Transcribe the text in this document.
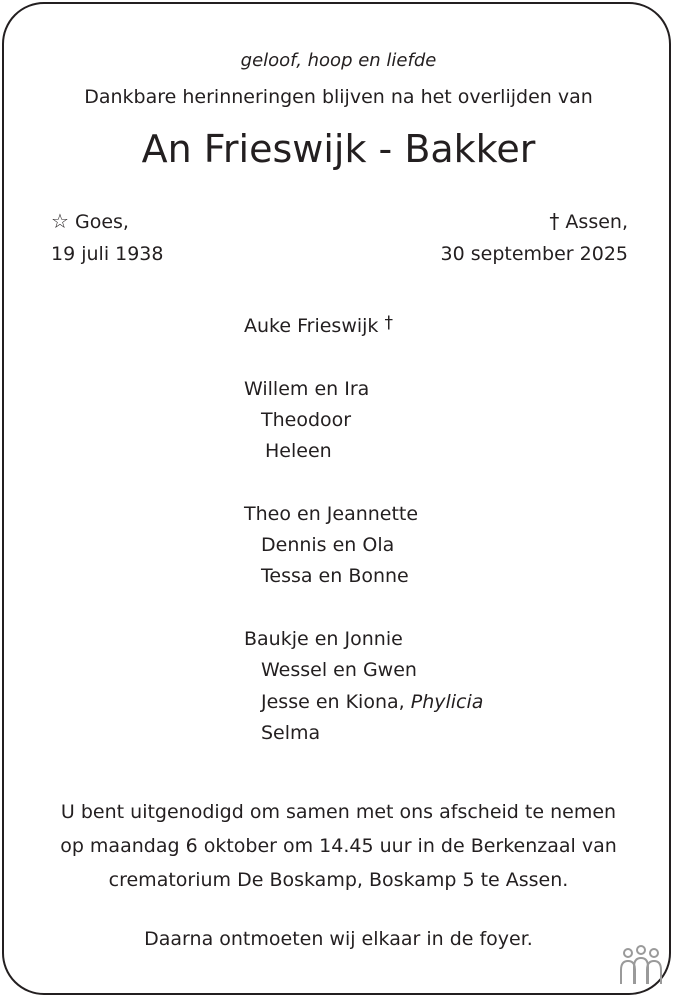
geloof, hoop en liefde
Dankbare herinneringen blijven na het overlijden van
An Frieswijk - Bakker
☆ Goes,
19 juli 1938
† Assen,
30 september 2025
Auke Frieswijk †
Willem en Ira
Theodoor
Heleen
Theo en Jeannette
Dennis en Ola
Tessa en Bonne
Baukje en Jonnie
Wessel en Gwen
Jesse en Kiona, Phylicia
Selma
U bent uitgenodigd om samen met ons afscheid te nemen
op maandag 6 oktober om 14.45 uur in de Berkenzaal van
crematorium De Boskamp, Boskamp 5 te Assen.
Daarna ontmoeten wij elkaar in de foyer.
